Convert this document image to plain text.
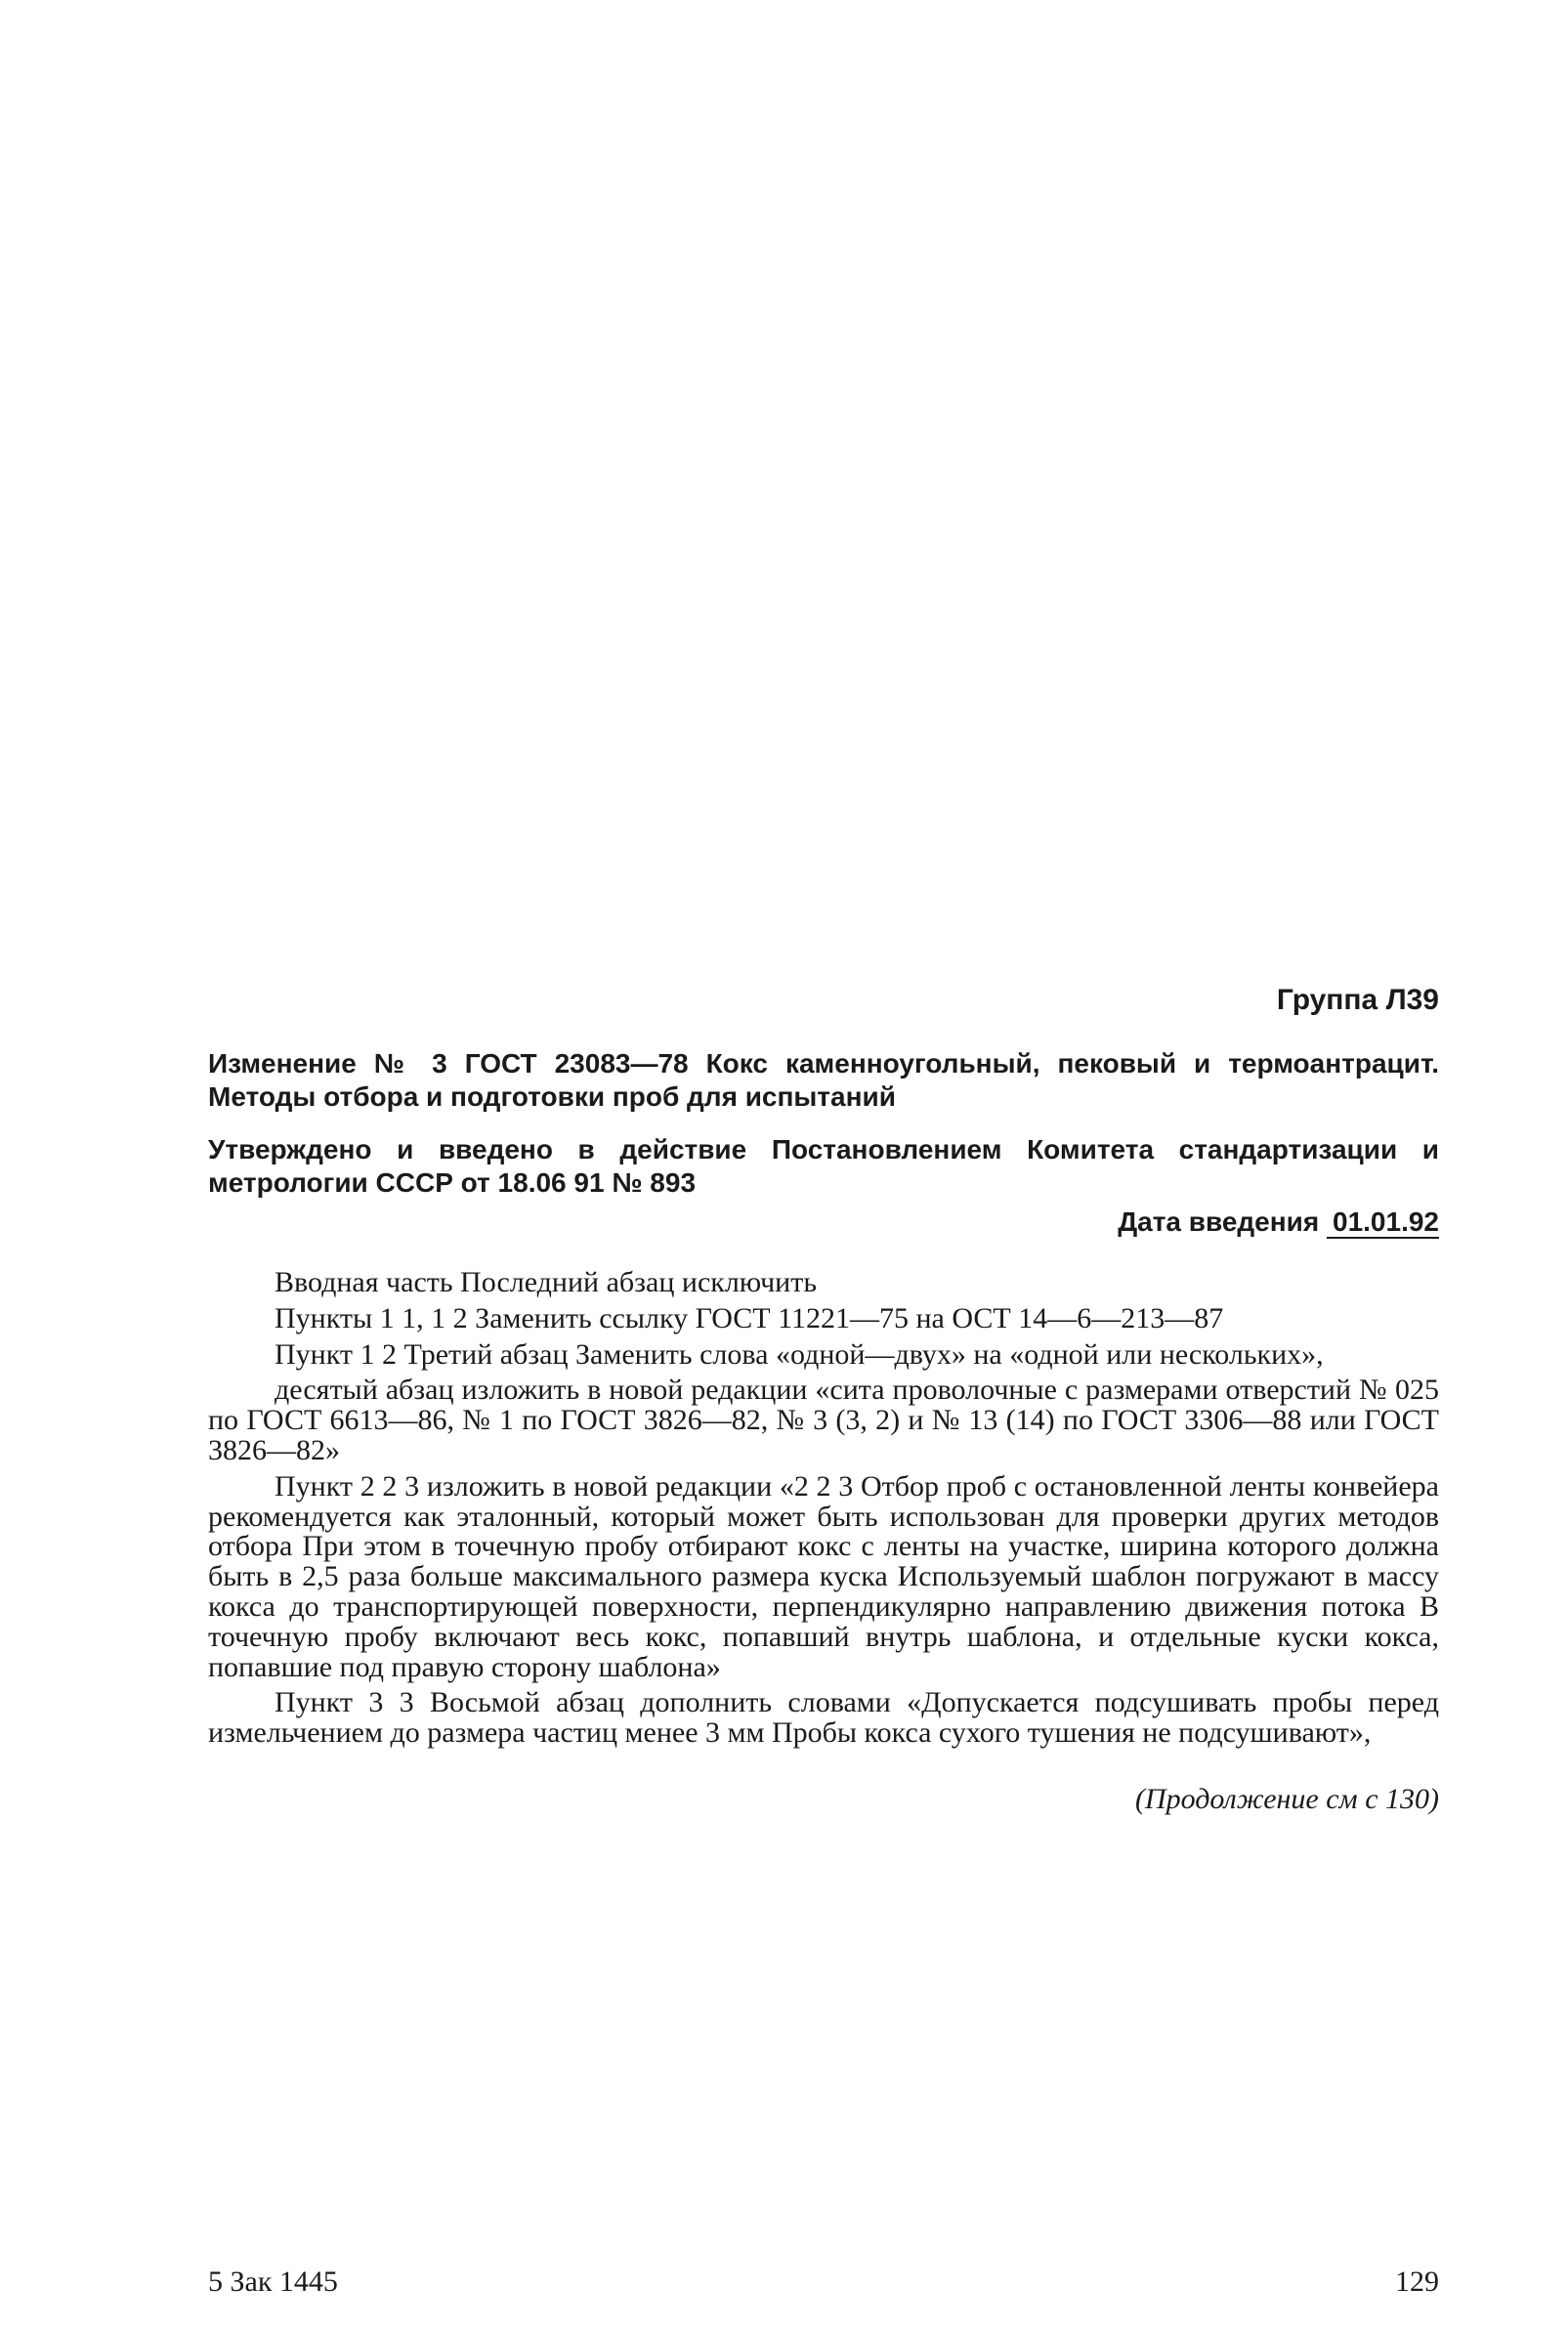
Группа Л39
Изменение № 3 ГОСТ 23083—78 Кокс каменноугольный, пековый и термоантрацит. Методы отбора и подготовки проб для испытаний
Утверждено и введено в действие Постановлением Комитета стандартизации и метрологии СССР от 18.06 91 № 893
Дата введения 01.01.92

Вводная часть Последний абзац исключить

Пункты 1 1, 1 2 Заменить ссылку ГОСТ 11221—75 на ОСТ 14—6—213—87

Пункт 1 2 Третий абзац Заменить слова «одной—двух» на «одной или нескольких»,

десятый абзац изложить в новой редакции «сита проволочные с размерами отверстий № 025 по ГОСТ 6613—86, № 1 по ГОСТ 3826—82, № 3 (3, 2) и № 13 (14) по ГОСТ 3306—88 или ГОСТ 3826—82»

Пункт 2 2 3 изложить в новой редакции «2 2 3 Отбор проб с остановленной ленты конвейера рекомендуется как эталонный, который может быть использован для проверки других методов отбора При этом в точечную пробу отбирают кокс с ленты на участке, ширина которого должна быть в 2,5 раза больше максимального размера куска Используемый шаблон погружают в массу кокса до транспортирующей поверхности, перпендикулярно направлению движения потока В точечную пробу включают весь кокс, попавший внутрь шаблона, и отдельные куски кокса, попавшие под правую сторону шаблона»

Пункт 3 3 Восьмой абзац дополнить словами «Допускается подсушивать пробы перед измельчением до размера частиц менее 3 мм Пробы кокса сухого тушения не подсушивают»,

(Продолжение см с 130)
5 Зак 1445	129
